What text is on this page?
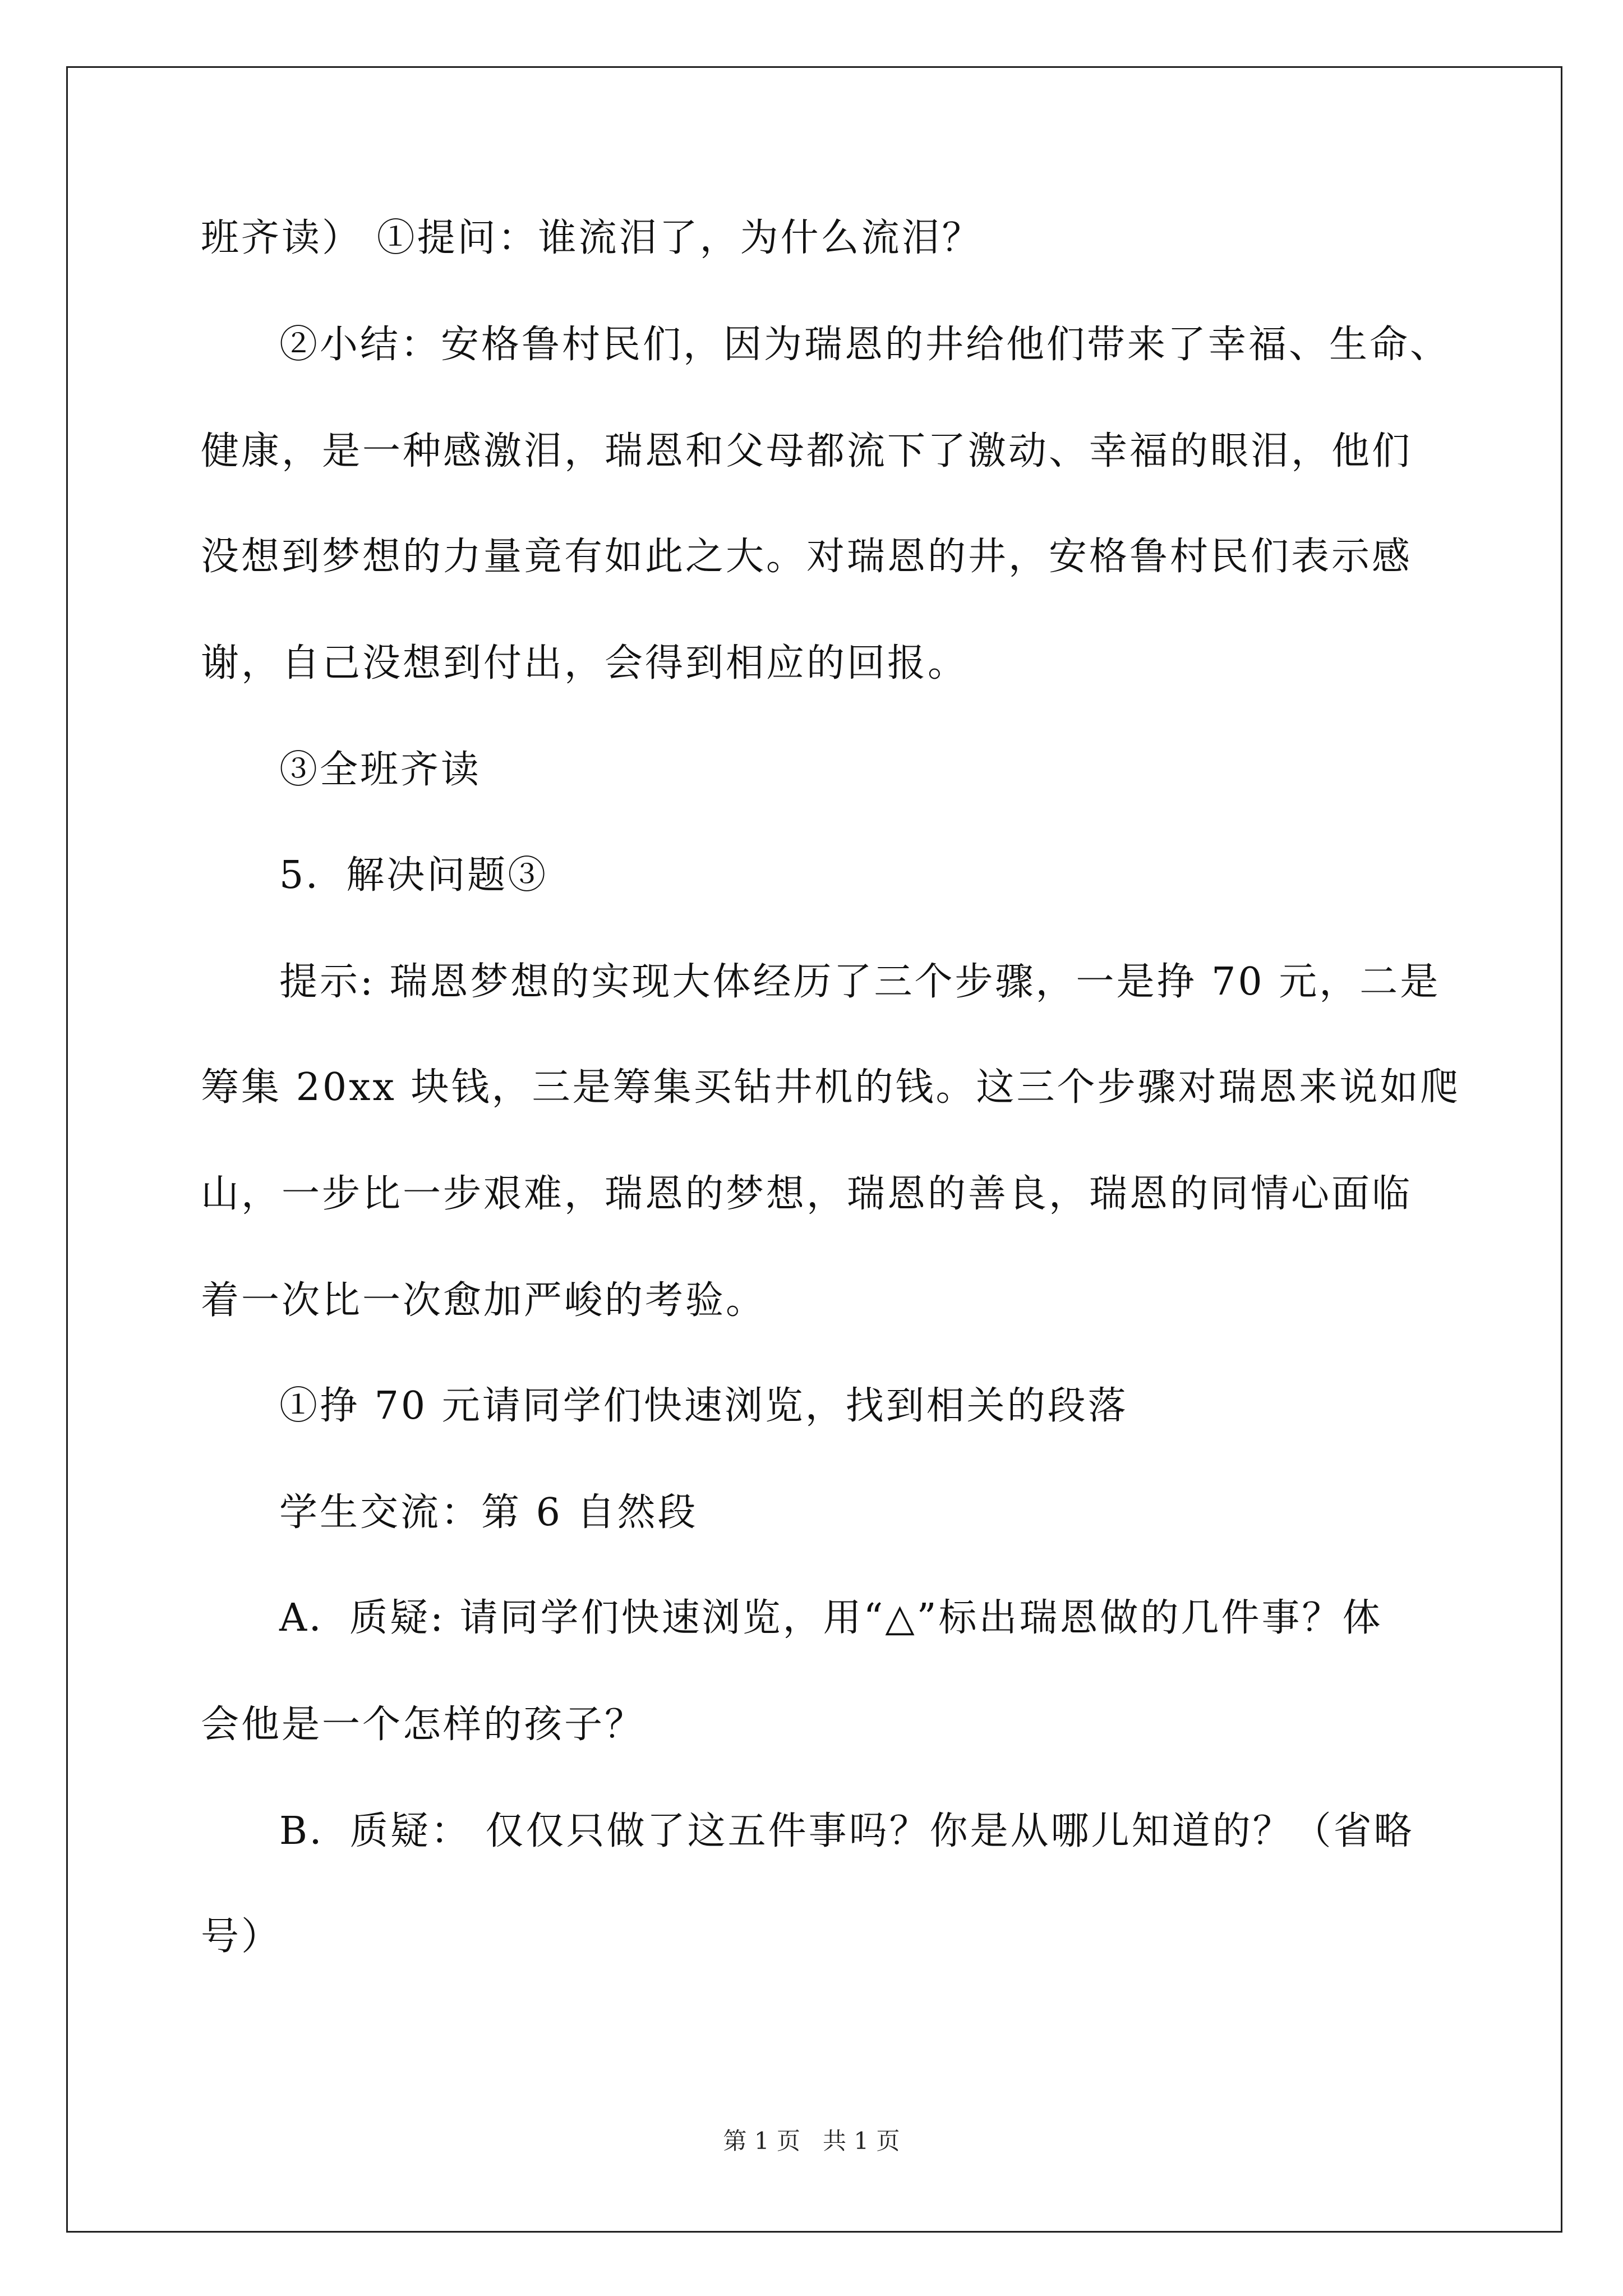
班齐读） ①提问：谁流泪了，为什么流泪？
②小结：安格鲁村民们，因为瑞恩的井给他们带来了幸福、生命、
健康，是一种感激泪，瑞恩和父母都流下了激动、幸福的眼泪，他们
没想到梦想的力量竟有如此之大。对瑞恩的井，安格鲁村民们表示感
谢，自己没想到付出，会得到相应的回报。
③全班齐读
5．解决问题③
提示: 瑞恩梦想的实现大体经历了三个步骤，一是挣 70 元，二是
筹集 20xx 块钱，三是筹集买钻井机的钱。这三个步骤对瑞恩来说如爬
山，一步比一步艰难，瑞恩的梦想，瑞恩的善良，瑞恩的同情心面临
着一次比一次愈加严峻的考验。
①挣 70 元请同学们快速浏览，找到相关的段落
学生交流：第 6 自然段
A．质疑: 请同学们快速浏览，用“△”标出瑞恩做的几件事？体
会他是一个怎样的孩子？
B．质疑： 仅仅只做了这五件事吗？你是从哪儿知道的？（省略
号）
第 1 页   共 1 页
